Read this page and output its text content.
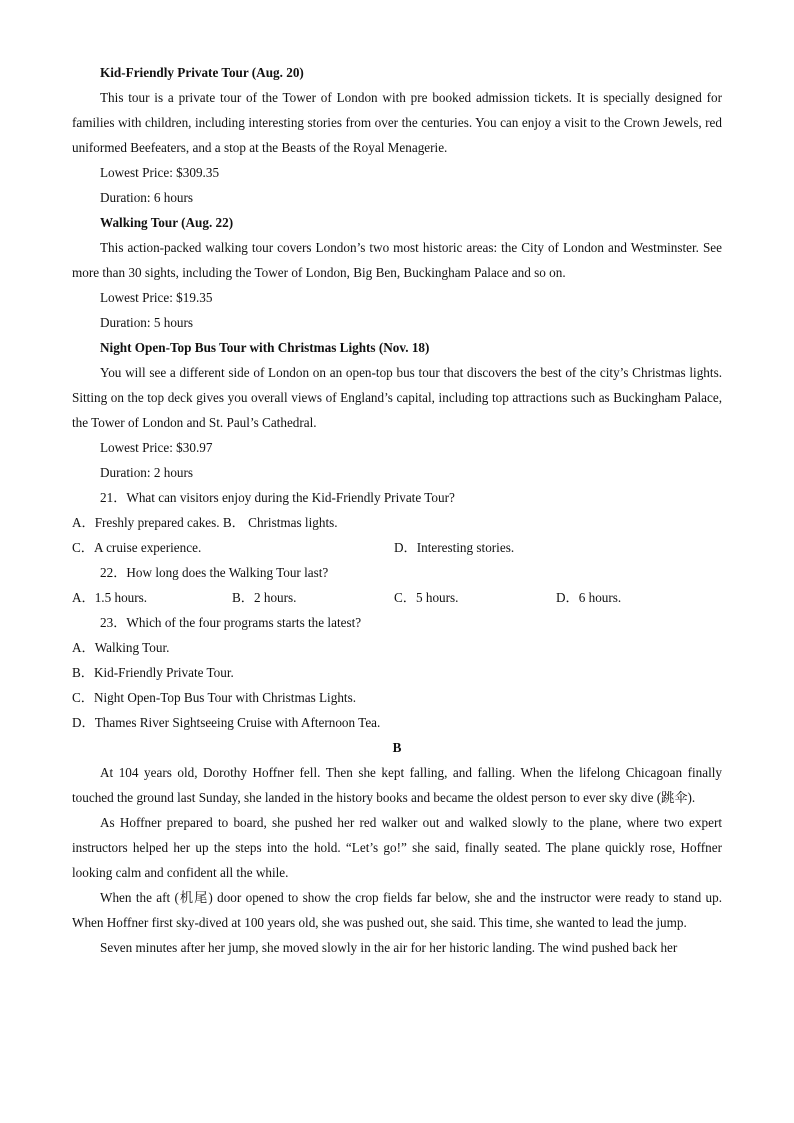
Kid-Friendly Private Tour (Aug. 20)

This tour is a private tour of the Tower of London with pre booked admission tickets. It is specially designed for families with children, including interesting stories from over the centuries. You can enjoy a visit to the Crown Jewels, red uniformed Beefeaters, and a stop at the Beasts of the Royal Menagerie.

Lowest Price: $309.35

Duration: 6 hours

Walking Tour (Aug. 22)

This action-packed walking tour covers London’s two most historic areas: the City of London and Westminster. See more than 30 sights, including the Tower of London, Big Ben, Buckingham Palace and so on.

Lowest Price: $19.35

Duration: 5 hours

Night Open-Top Bus Tour with Christmas Lights (Nov. 18)

You will see a different side of London on an open-top bus tour that discovers the best of the city’s Christmas lights. Sitting on the top deck gives you overall views of England’s capital, including top attractions such as Buckingham Palace, the Tower of London and St. Paul’s Cathedral.

Lowest Price: $30.97

Duration: 2 hours

21．What can visitors enjoy during the Kid-Friendly Private Tour?

A．Freshly prepared cakes. B． Christmas lights.

C．A cruise experience.	D．Interesting stories.

22．How long does the Walking Tour last?

A．1.5 hours.	B．2 hours.	C．5 hours.	D．6 hours.

23．Which of the four programs starts the latest?

A．Walking Tour.

B．Kid-Friendly Private Tour.

C．Night Open-Top Bus Tour with Christmas Lights.

D．Thames River Sightseeing Cruise with Afternoon Tea.

B

At 104 years old, Dorothy Hoffner fell. Then she kept falling, and falling. When the lifelong Chicagoan finally touched the ground last Sunday, she landed in the history books and became the oldest person to ever sky dive (跳伞).

As Hoffner prepared to board, she pushed her red walker out and walked slowly to the plane, where two expert instructors helped her up the steps into the hold. “Let’s go!” she said, finally seated. The plane quickly rose, Hoffner looking calm and confident all the while.

When the aft (机尾) door opened to show the crop fields far below, she and the instructor were ready to stand up. When Hoffner first sky-dived at 100 years old, she was pushed out, she said. This time, she wanted to lead the jump.

Seven minutes after her jump, she moved slowly in the air for her historic landing. The wind pushed back her
